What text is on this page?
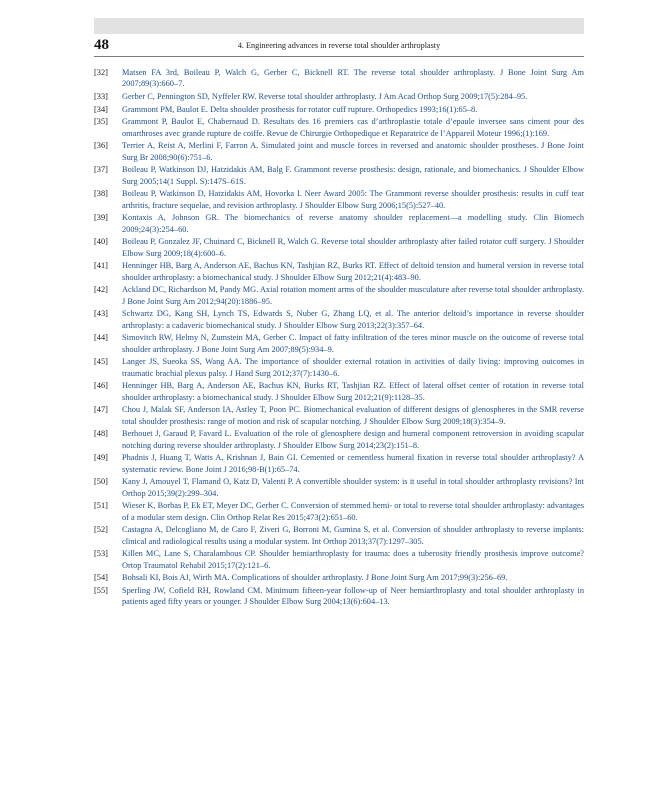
48	4. Engineering advances in reverse total shoulder arthroplasty
[32] Matsen FA 3rd, Boileau P, Walch G, Gerber C, Bicknell RT. The reverse total shoulder arthroplasty. J Bone Joint Surg Am 2007;89(3):660–7.
[33] Gerber C, Pennington SD, Nyffeler RW. Reverse total shoulder arthroplasty. J Am Acad Orthop Surg 2009;17(5):284–95.
[34] Grammont PM, Baulot E. Delta shoulder prosthesis for rotator cuff rupture. Orthopedics 1993;16(1):65–8.
[35] Grammont P, Baulot E, Chabernaud D. Resultats des 16 premiers cas d’arthroplastie totale d’epaule inversee sans ciment pour des omarthroses avec grande rupture de coiffe. Revue de Chirurgie Orthopedique et Reparatrice de l’Appareil Moteur 1996;(1):169.
[36] Terrier A, Reist A, Merlini F, Farron A. Simulated joint and muscle forces in reversed and anatomic shoulder prostheses. J Bone Joint Surg Br 2008;90(6):751–6.
[37] Boileau P, Watkinson DJ, Hatzidakis AM, Balg F. Grammont reverse prosthesis: design, rationale, and biomechanics. J Shoulder Elbow Surg 2005;14(1 Suppl. S):147S–61S.
[38] Boileau P, Watkinson D, Hatzidakis AM, Hovorka I. Neer Award 2005: The Grammont reverse shoulder prosthesis: results in cuff tear arthritis, fracture sequelae, and revision arthroplasty. J Shoulder Elbow Surg 2006;15(5):527–40.
[39] Kontaxis A, Johnson GR. The biomechanics of reverse anatomy shoulder replacement—a modelling study. Clin Biomech 2009;24(3):254–60.
[40] Boileau P, Gonzalez JF, Chuinard C, Bicknell R, Walch G. Reverse total shoulder arthroplasty after failed rotator cuff surgery. J Shoulder Elbow Surg 2009;18(4):600–6.
[41] Henninger HB, Barg A, Anderson AE, Bachus KN, Tashjian RZ, Burks RT. Effect of deltoid tension and humeral version in reverse total shoulder arthroplasty: a biomechanical study. J Shoulder Elbow Surg 2012;21(4):483–90.
[42] Ackland DC, Richardson M, Pandy MG. Axial rotation moment arms of the shoulder musculature after reverse total shoulder arthroplasty. J Bone Joint Surg Am 2012;94(20):1886–95.
[43] Schwartz DG, Kang SH, Lynch TS, Edwards S, Nuber G, Zhang LQ, et al. The anterior deltoid’s importance in reverse shoulder arthroplasty: a cadaveric biomechanical study. J Shoulder Elbow Surg 2013;22(3):357–64.
[44] Simovitch RW, Helmy N, Zumstein MA, Gerber C. Impact of fatty infiltration of the teres minor muscle on the outcome of reverse total shoulder arthroplasty. J Bone Joint Surg Am 2007;89(5):934–9.
[45] Langer JS, Sueoka SS, Wang AA. The importance of shoulder external rotation in activities of daily living: improving outcomes in traumatic brachial plexus palsy. J Hand Surg 2012;37(7):1430–6.
[46] Henninger HB, Barg A, Anderson AE, Bachus KN, Burks RT, Tashjian RZ. Effect of lateral offset center of rotation in reverse total shoulder arthroplasty: a biomechanical study. J Shoulder Elbow Surg 2012;21(9):1128–35.
[47] Chou J, Malak SF, Anderson IA, Astley T, Poon PC. Biomechanical evaluation of different designs of glenospheres in the SMR reverse total shoulder prosthesis: range of motion and risk of scapular notching. J Shoulder Elbow Surg 2009;18(3):354–9.
[48] Berhouet J, Garaud P, Favard L. Evaluation of the role of glenosphere design and humeral component retroversion in avoiding scapular notching during reverse shoulder arthroplasty. J Shoulder Elbow Surg 2014;23(2):151–8.
[49] Phadnis J, Huang T, Watts A, Krishnan J, Bain GI. Cemented or cementless humeral fixation in reverse total shoulder arthroplasty? A systematic review. Bone Joint J 2016;98-B(1):65–74.
[50] Kany J, Amouyel T, Flamand O, Katz D, Valenti P. A convertible shoulder system: is it useful in total shoulder arthroplasty revisions? Int Orthop 2015;39(2):299–304.
[51] Wieser K, Borbas P, Ek ET, Meyer DC, Gerber C. Conversion of stemmed hemi- or total to reverse total shoulder arthroplasty: advantages of a modular stem design. Clin Orthop Relat Res 2015;473(2):651–60.
[52] Castagna A, Delcogliano M, de Caro F, Ziveri G, Borroni M, Gumina S, et al. Conversion of shoulder arthroplasty to reverse implants: clinical and radiological results using a modular system. Int Orthop 2013;37(7):1297–305.
[53] Killen MC, Lane S, Charalambous CP. Shoulder hemiarthroplasty for trauma: does a tuberosity friendly prosthesis improve outcome? Ortop Traumatol Rehabil 2015;17(2):121–6.
[54] Bohsali KI, Bois AJ, Wirth MA. Complications of shoulder arthroplasty. J Bone Joint Surg Am 2017;99(3):256–69.
[55] Sperling JW, Cofield RH, Rowland CM. Minimum fifteen-year follow-up of Neer hemiarthroplasty and total shoulder arthroplasty in patients aged fifty years or younger. J Shoulder Elbow Surg 2004;13(6):604–13.
